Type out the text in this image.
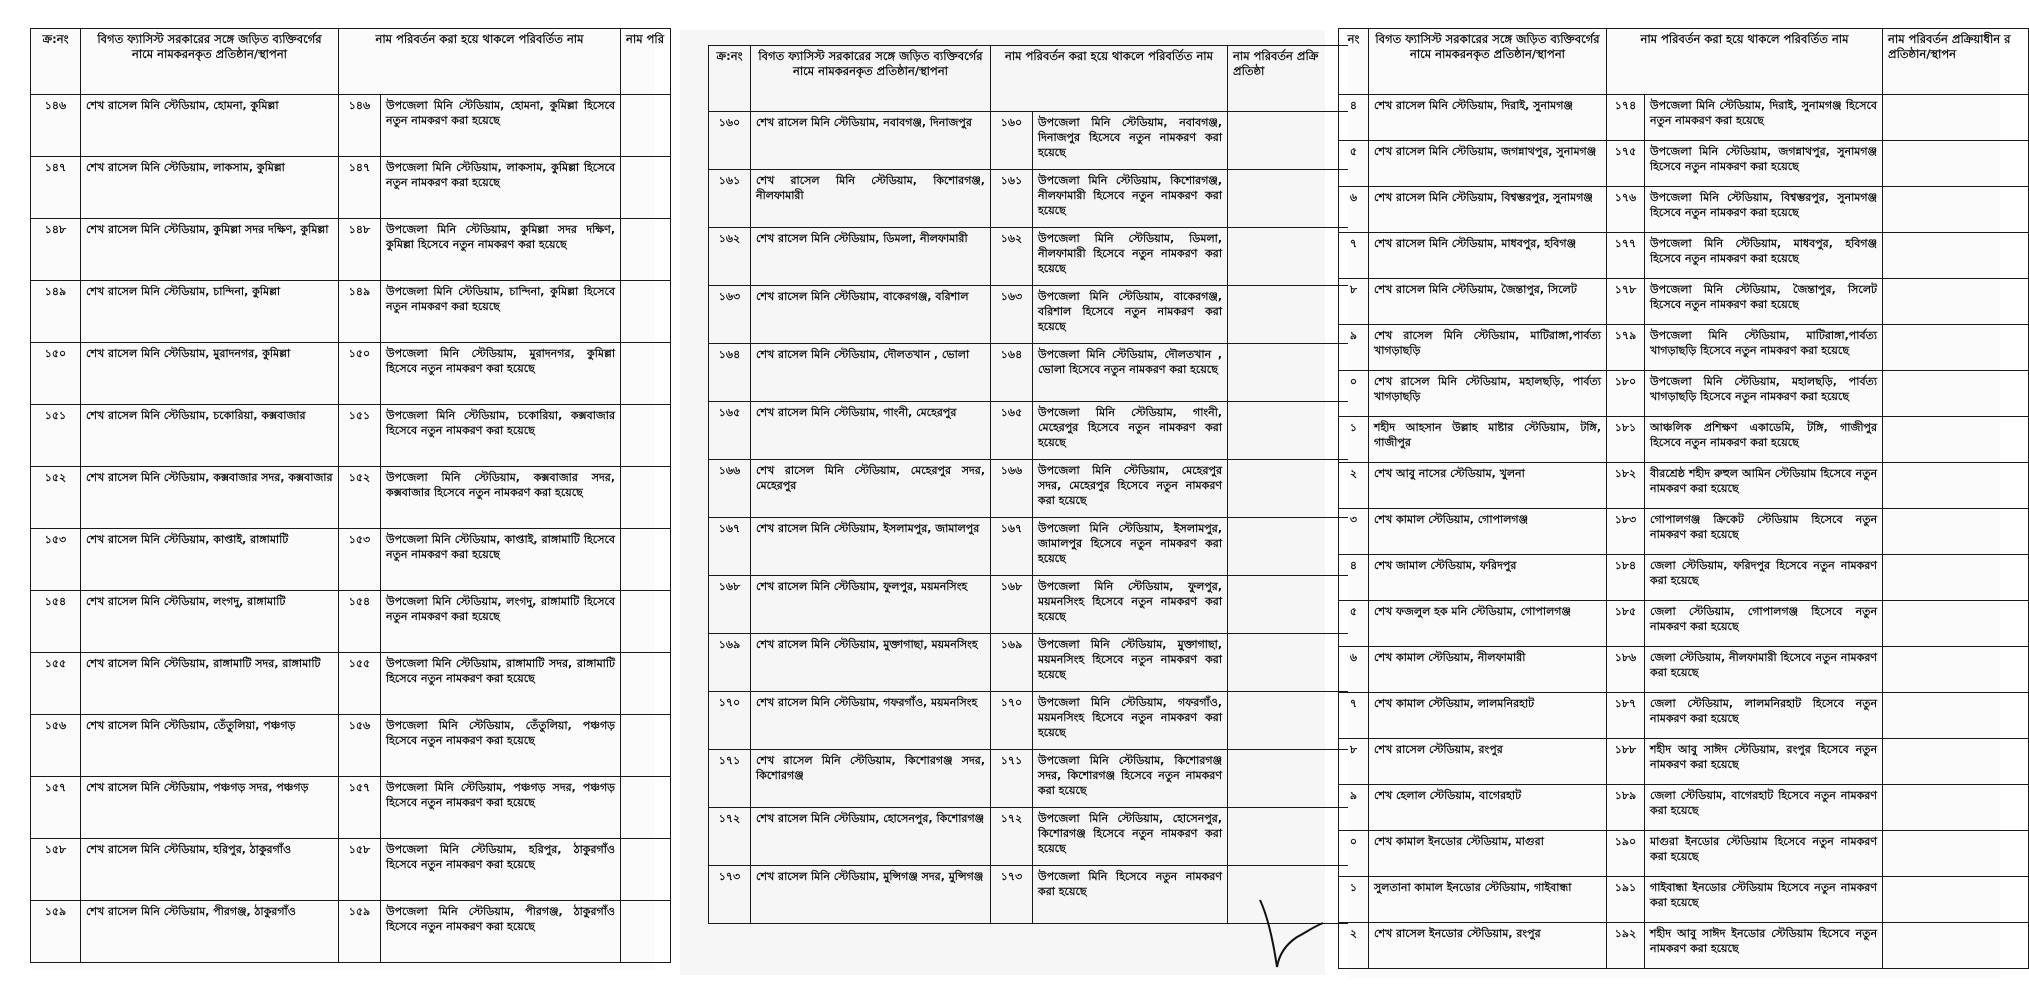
ক্র:নং	বিগত ফ্যাসিস্ট সরকারের সঙ্গে জড়িত ব্যক্তিবর্গের নামে নামকরনকৃত প্রতিষ্ঠান/স্থাপনা	নাম পরিবর্তন করা হয়ে থাকলে পরিবর্তিত নাম		নাম পরি
১৪৬	শেখ রাসেল মিনি স্টেডিয়াম, হোমনা, কুমিল্লা	১৪৬	উপজেলা মিনি স্টেডিয়াম, হোমনা, কুমিল্লা হিসেবে নতুন নামকরণ করা হয়েছে	
১৪৭	শেখ রাসেল মিনি স্টেডিয়াম, লাকসাম, কুমিল্লা	১৪৭	উপজেলা মিনি স্টেডিয়াম, লাকসাম, কুমিল্লা হিসেবে নতুন নামকরণ করা হয়েছে	
১৪৮	শেখ রাসেল মিনি স্টেডিয়াম, কুমিল্লা সদর দক্ষিণ, কুমিল্লা	১৪৮	উপজেলা মিনি স্টেডিয়াম, কুমিল্লা সদর দক্ষিণ, কুমিল্লা হিসেবে নতুন নামকরণ করা হয়েছে	
১৪৯	শেখ রাসেল মিনি স্টেডিয়াম, চান্দিনা, কুমিল্লা	১৪৯	উপজেলা মিনি স্টেডিয়াম, চান্দিনা, কুমিল্লা হিসেবে নতুন নামকরণ করা হয়েছে	
১৫০	শেখ রাসেল মিনি স্টেডিয়াম, মুরাদনগর, কুমিল্লা	১৫০	উপজেলা মিনি স্টেডিয়াম, মুরাদনগর, কুমিল্লা হিসেবে নতুন নামকরণ করা হয়েছে	
১৫১	শেখ রাসেল মিনি স্টেডিয়াম, চকোরিয়া, কক্সবাজার	১৫১	উপজেলা মিনি স্টেডিয়াম, চকোরিয়া, কক্সবাজার হিসেবে নতুন নামকরণ করা হয়েছে	
১৫২	শেখ রাসেল মিনি স্টেডিয়াম, কক্সবাজার সদর, কক্সবাজার	১৫২	উপজেলা মিনি স্টেডিয়াম, কক্সবাজার সদর, কক্সবাজার হিসেবে নতুন নামকরণ করা হয়েছে	
১৫৩	শেখ রাসেল মিনি স্টেডিয়াম, কাপ্তাই, রাঙ্গামাটি	১৫৩	উপজেলা মিনি স্টেডিয়াম, কাপ্তাই, রাঙ্গামাটি হিসেবে নতুন নামকরণ করা হয়েছে	
১৫৪	শেখ রাসেল মিনি স্টেডিয়াম, লংগদু, রাঙ্গামাটি	১৫৪	উপজেলা মিনি স্টেডিয়াম, লংগদু, রাঙ্গামাটি হিসেবে নতুন নামকরণ করা হয়েছে	
১৫৫	শেখ রাসেল মিনি স্টেডিয়াম, রাঙ্গামাটি সদর, রাঙ্গামাটি	১৫৫	উপজেলা মিনি স্টেডিয়াম, রাঙ্গামাটি সদর, রাঙ্গামাটি হিসেবে নতুন নামকরণ করা হয়েছে	
১৫৬	শেখ রাসেল মিনি স্টেডিয়াম, তেঁতুলিয়া, পঞ্চগড়	১৫৬	উপজেলা মিনি স্টেডিয়াম, তেঁতুলিয়া, পঞ্চগড় হিসেবে নতুন নামকরণ করা হয়েছে	
১৫৭	শেখ রাসেল মিনি স্টেডিয়াম, পঞ্চগড় সদর, পঞ্চগড়	১৫৭	উপজেলা মিনি স্টেডিয়াম, পঞ্চগড় সদর, পঞ্চগড় হিসেবে নতুন নামকরণ করা হয়েছে	
১৫৮	শেখ রাসেল মিনি স্টেডিয়াম, হরিপুর, ঠাকুরগাঁও	১৫৮	উপজেলা মিনি স্টেডিয়াম, হরিপুর, ঠাকুরগাঁও হিসেবে নতুন নামকরণ করা হয়েছে	
১৫৯	শেখ রাসেল মিনি স্টেডিয়াম, পীরগঞ্জ, ঠাকুরগাঁও	১৫৯	উপজেলা মিনি স্টেডিয়াম, পীরগঞ্জ, ঠাকুরগাঁও হিসেবে নতুন নামকরণ করা হয়েছে	
ক্র:নং	বিগত ফ্যাসিস্ট সরকারের সঙ্গে জড়িত ব্যক্তিবর্গের নামে নামকরনকৃত প্রতিষ্ঠান/স্থাপনা	নাম পরিবর্তন করা হয়ে থাকলে পরিবর্তিত নাম		নাম পরিবর্তন প্রক্রি প্রতিষ্ঠা
১৬০	শেখ রাসেল মিনি স্টেডিয়াম, নবাবগঞ্জ, দিনাজপুর	১৬০	উপজেলা মিনি স্টেডিয়াম, নবাবগঞ্জ, দিনাজপুর হিসেবে নতুন নামকরণ করা হয়েছে	
১৬১	শেখ রাসেল মিনি স্টেডিয়াম, কিশোরগঞ্জ, নীলফামারী	১৬১	উপজেলা মিনি স্টেডিয়াম, কিশোরগঞ্জ, নীলফামারী হিসেবে নতুন নামকরণ করা হয়েছে	
১৬২	শেখ রাসেল মিনি স্টেডিয়াম, ডিমলা, নীলফামারী	১৬২	উপজেলা মিনি স্টেডিয়াম, ডিমলা, নীলফামারী হিসেবে নতুন নামকরণ করা হয়েছে	
১৬৩	শেখ রাসেল মিনি স্টেডিয়াম, বাকেরগঞ্জ, বরিশাল	১৬৩	উপজেলা মিনি স্টেডিয়াম, বাকেরগঞ্জ, বরিশাল হিসেবে নতুন নামকরণ করা হয়েছে	
১৬৪	শেখ রাসেল মিনি স্টেডিয়াম, দৌলতখান , ভোলা	১৬৪	উপজেলা মিনি স্টেডিয়াম, দৌলতখান , ভোলা হিসেবে নতুন নামকরণ করা হয়েছে	
১৬৫	শেখ রাসেল মিনি স্টেডিয়াম, গাংনী, মেহেরপুর	১৬৫	উপজেলা মিনি স্টেডিয়াম, গাংনী, মেহেরপুর হিসেবে নতুন নামকরণ করা হয়েছে	
১৬৬	শেখ রাসেল মিনি স্টেডিয়াম, মেহেরপুর সদর, মেহেরপুর	১৬৬	উপজেলা মিনি স্টেডিয়াম, মেহেরপুর সদর, মেহেরপুর হিসেবে নতুন নামকরণ করা হয়েছে	
১৬৭	শেখ রাসেল মিনি স্টেডিয়াম, ইসলামপুর, জামালপুর	১৬৭	উপজেলা মিনি স্টেডিয়াম, ইসলামপুর, জামালপুর হিসেবে নতুন নামকরণ করা হয়েছে	
১৬৮	শেখ রাসেল মিনি স্টেডিয়াম, ফুলপুর, ময়মনসিংহ	১৬৮	উপজেলা মিনি স্টেডিয়াম, ফুলপুর, ময়মনসিংহ হিসেবে নতুন নামকরণ করা হয়েছে	
১৬৯	শেখ রাসেল মিনি স্টেডিয়াম, মুক্তাগাছা, ময়মনসিংহ	১৬৯	উপজেলা মিনি স্টেডিয়াম, মুক্তাগাছা, ময়মনসিংহ হিসেবে নতুন নামকরণ করা হয়েছে	
১৭০	শেখ রাসেল মিনি স্টেডিয়াম, গফরগাঁও, ময়মনসিংহ	১৭০	উপজেলা মিনি স্টেডিয়াম, গফরগাঁও, ময়মনসিংহ হিসেবে নতুন নামকরণ করা হয়েছে	
১৭১	শেখ রাসেল মিনি স্টেডিয়াম, কিশোরগঞ্জ সদর, কিশোরগঞ্জ	১৭১	উপজেলা মিনি স্টেডিয়াম, কিশোরগঞ্জ সদর, কিশোরগঞ্জ হিসেবে নতুন নামকরণ করা হয়েছে	
১৭২	শেখ রাসেল মিনি স্টেডিয়াম, হোসেনপুর, কিশোরগঞ্জ	১৭২	উপজেলা মিনি স্টেডিয়াম, হোসেনপুর, কিশোরগঞ্জ হিসেবে নতুন নামকরণ করা হয়েছে	
১৭৩	শেখ রাসেল মিনি স্টেডিয়াম, মুন্সিগঞ্জ সদর, মুন্সিগঞ্জ	১৭৩	উপজেলা মিনি হিসেবে নতুন নামকরণ করা হয়েছে	
নং	বিগত ফ্যাসিস্ট সরকারের সঙ্গে জড়িত ব্যক্তিবর্গের নামে নামকরনকৃত প্রতিষ্ঠান/স্থাপনা	নাম পরিবর্তন করা হয়ে থাকলে পরিবর্তিত নাম		নাম পরিবর্তন প্রক্রিয়াধীন র প্রতিষ্ঠান/স্থাপন
৪	শেখ রাসেল মিনি স্টেডিয়াম, দিরাই, সুনামগঞ্জ	১৭৪	উপজেলা মিনি স্টেডিয়াম, দিরাই, সুনামগঞ্জ হিসেবে নতুন নামকরণ করা হয়েছে	
৫	শেখ রাসেল মিনি স্টেডিয়াম, জগন্নাথপুর, সুনামগঞ্জ	১৭৫	উপজেলা মিনি স্টেডিয়াম, জগন্নাথপুর, সুনামগঞ্জ হিসেবে নতুন নামকরণ করা হয়েছে	
৬	শেখ রাসেল মিনি স্টেডিয়াম, বিশ্বম্ভরপুর, সুনামগঞ্জ	১৭৬	উপজেলা মিনি স্টেডিয়াম, বিশ্বম্ভরপুর, সুনামগঞ্জ হিসেবে নতুন নামকরণ করা হয়েছে	
৭	শেখ রাসেল মিনি স্টেডিয়াম, মাধবপুর, হবিগঞ্জ	১৭৭	উপজেলা মিনি স্টেডিয়াম, মাধবপুর, হবিগঞ্জ হিসেবে নতুন নামকরণ করা হয়েছে	
৮	শেখ রাসেল মিনি স্টেডিয়াম, জৈন্তাপুর, সিলেট	১৭৮	উপজেলা মিনি স্টেডিয়াম, জৈন্তাপুর, সিলেট হিসেবে নতুন নামকরণ করা হয়েছে	
৯	শেখ রাসেল মিনি স্টেডিয়াম, মাটিরাঙ্গা,পার্বত্য খাগড়াছড়ি	১৭৯	উপজেলা মিনি স্টেডিয়াম, মাটিরাঙ্গা,পার্বত্য খাগড়াছড়ি হিসেবে নতুন নামকরণ করা হয়েছে	
০	শেখ রাসেল মিনি স্টেডিয়াম, মহালছড়ি, পার্বত্য খাগড়াছড়ি	১৮০	উপজেলা মিনি স্টেডিয়াম, মহালছড়ি, পার্বত্য খাগড়াছড়ি হিসেবে নতুন নামকরণ করা হয়েছে	
১	শহীদ আহসান উল্লাহ মাষ্টার স্টেডিয়াম, টঙ্গি, গাজীপুর	১৮১	আঞ্চলিক প্রশিক্ষণ একাডেমি, টঙ্গি, গাজীপুর হিসেবে নতুন নামকরণ করা হয়েছে	
২	শেখ আবু নাসের স্টেডিয়াম, খুলনা	১৮২	বীরশ্রেষ্ঠ শহীদ রুহুল আমিন স্টেডিয়াম হিসেবে নতুন নামকরণ করা হয়েছে	
৩	শেখ কামাল স্টেডিয়াম, গোপালগঞ্জ	১৮৩	গোপালগঞ্জ ক্রিকেট স্টেডিয়াম হিসেবে নতুন নামকরণ করা হয়েছে	
৪	শেখ জামাল স্টেডিয়াম, ফরিদপুর	১৮৪	জেলা স্টেডিয়াম, ফরিদপুর হিসেবে নতুন নামকরণ করা হয়েছে	
৫	শেখ ফজলুল হক মনি স্টেডিয়াম, গোপালগঞ্জ	১৮৫	জেলা স্টেডিয়াম, গোপালগঞ্জ হিসেবে নতুন নামকরণ করা হয়েছে	
৬	শেখ কামাল স্টেডিয়াম, নীলফামারী	১৮৬	জেলা স্টেডিয়াম, নীলফামারী হিসেবে নতুন নামকরণ করা হয়েছে	
৭	শেখ কামাল স্টেডিয়াম, লালমনিরহাট	১৮৭	জেলা স্টেডিয়াম, লালমনিরহাট হিসেবে নতুন নামকরণ করা হয়েছে	
৮	শেখ রাসেল স্টেডিয়াম, রংপুর	১৮৮	শহীদ আবু সাঈদ স্টেডিয়াম, রংপুর হিসেবে নতুন নামকরণ করা হয়েছে	
৯	শেখ হেলাল স্টেডিয়াম, বাগেরহাট	১৮৯	জেলা স্টেডিয়াম, বাগেরহাট হিসেবে নতুন নামকরণ করা হয়েছে	
০	শেখ কামাল ইনডোর স্টেডিয়াম, মাগুরা	১৯০	মাগুরা ইনডোর স্টেডিয়াম হিসেবে নতুন নামকরণ করা হয়েছে	
১	সুলতানা কামাল ইনডোর স্টেডিয়াম, গাইবান্ধা	১৯১	গাইবান্ধা ইনডোর স্টেডিয়াম হিসেবে নতুন নামকরণ করা হয়েছে	
২	শেখ রাসেল ইনডোর স্টেডিয়াম, রংপুর	১৯২	শহীদ আবু সাঈদ ইনডোর স্টেডিয়াম হিসেবে নতুন নামকরণ করা হয়েছে	
